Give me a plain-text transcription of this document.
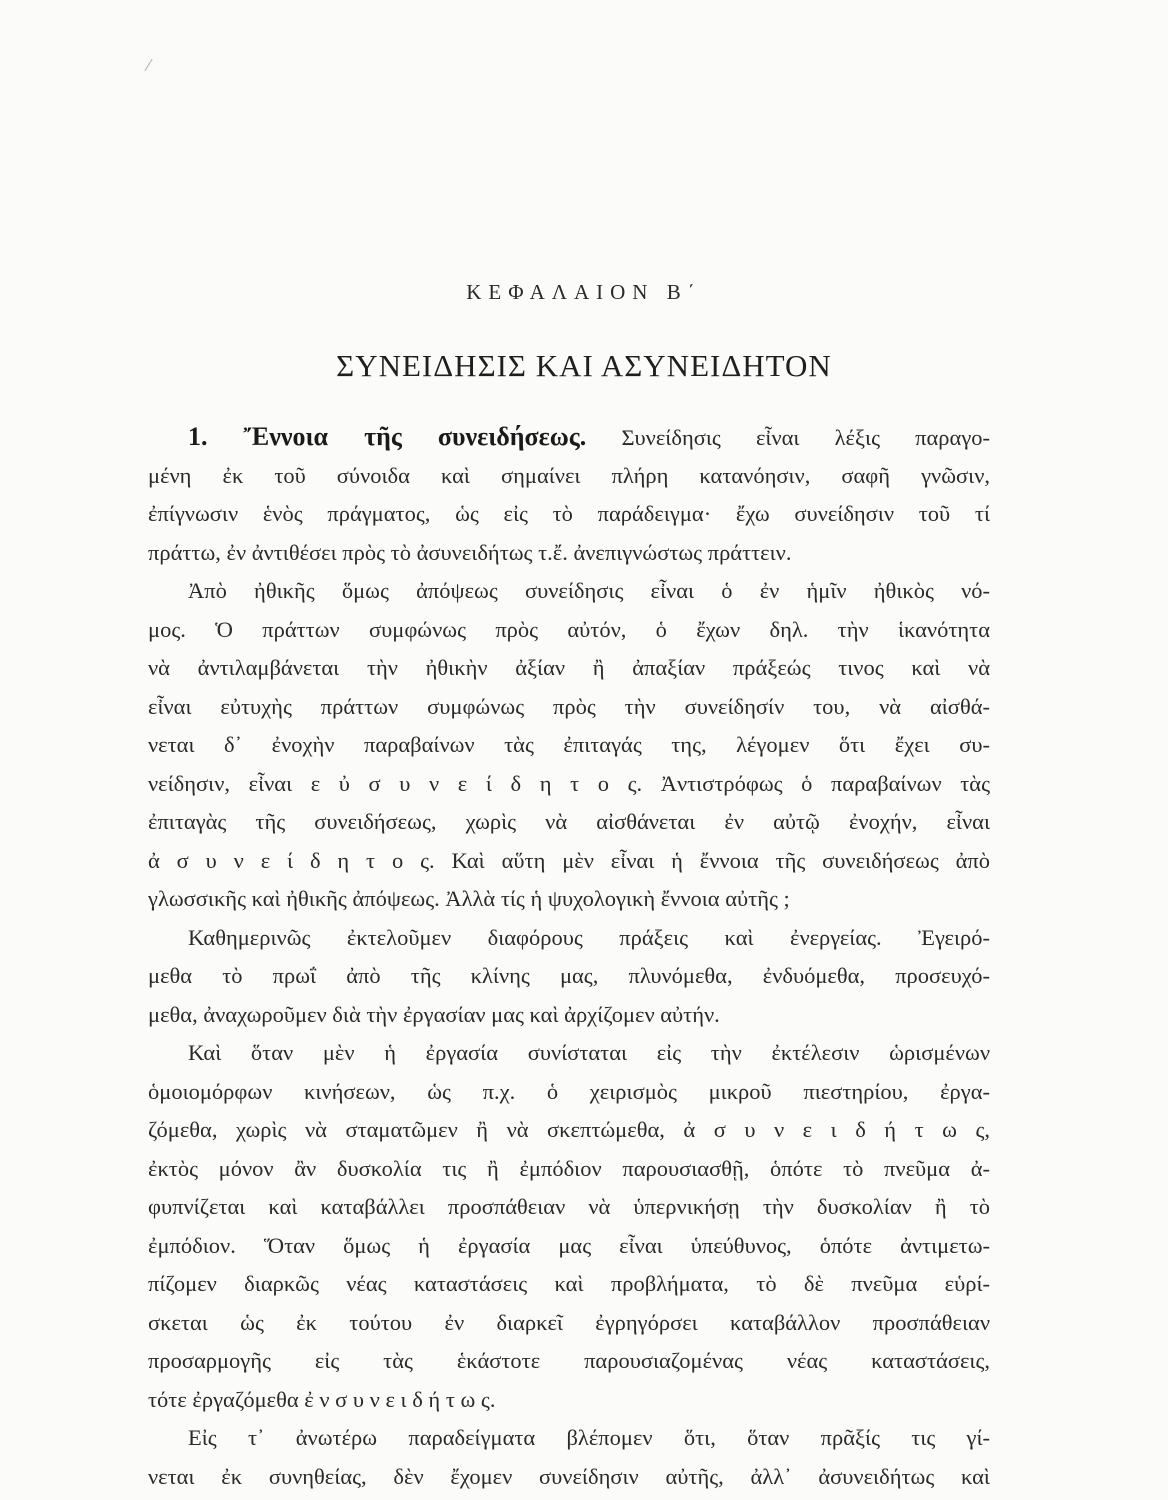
ΚΕΦΑΛΑΙΟΝ Β΄
ΣΥΝΕΙΔΗΣΙΣ ΚΑΙ ΑΣΥΝΕΙΔΗΤΟΝ
1. Ἔννοια τῆς συνειδήσεως. Συνείδησις εἶναι λέξις παραγο-
μένη ἐκ τοῦ σύνοιδα καὶ σημαίνει πλήρη κατανόησιν, σαφῆ γνῶσιν,
ἐπίγνωσιν ἑνὸς πράγματος, ὡς εἰς τὸ παράδειγμα· ἔχω συνείδησιν τοῦ τί
πράττω, ἐν ἀντιθέσει πρὸς τὸ ἀσυνειδήτως τ.ἔ. ἀνεπιγνώστως πράττειν.
Ἀπὸ ἠθικῆς ὅμως ἀπόψεως συνείδησις εἶναι ὁ ἐν ἡμῖν ἠθικὸς νό-
μος. Ὁ πράττων συμφώνως πρὸς αὐτόν, ὁ ἔχων δηλ. τὴν ἱκανότητα
νὰ ἀντιλαμβάνεται τὴν ἠθικὴν ἀξίαν ἢ ἀπαξίαν πράξεώς τινος καὶ νὰ
εἶναι εὐτυχὴς πράττων συμφώνως πρὸς τὴν συνείδησίν του, νὰ αἰσθά-
νεται δ᾽ ἐνοχὴν παραβαίνων τὰς ἐπιταγάς της, λέγομεν ὅτι ἔχει συ-
νείδησιν, εἶναι ε ὐ σ υ ν ε ί δ η τ ο ς. Ἀντιστρόφως ὁ παραβαίνων τὰς
ἐπιταγὰς τῆς συνειδήσεως, χωρὶς νὰ αἰσθάνεται ἐν αὐτῷ ἐνοχήν, εἶναι
ἀ σ υ ν ε ί δ η τ ο ς. Καὶ αὕτη μὲν εἶναι ἡ ἔννοια τῆς συνειδήσεως ἀπὸ
γλωσσικῆς καὶ ἠθικῆς ἀπόψεως. Ἀλλὰ τίς ἡ ψυχολογικὴ ἔννοια αὐτῆς ;
Καθημερινῶς ἐκτελοῦμεν διαφόρους πράξεις καὶ ἐνεργείας. Ἐγειρό-
μεθα τὸ πρωΐ ἀπὸ τῆς κλίνης μας, πλυνόμεθα, ἐνδυόμεθα, προσευχό-
μεθα, ἀναχωροῦμεν διὰ τὴν ἐργασίαν μας καὶ ἀρχίζομεν αὐτήν.
Καὶ ὅταν μὲν ἡ ἐργασία συνίσταται εἰς τὴν ἐκτέλεσιν ὡρισμένων
ὁμοιομόρφων κινήσεων, ὡς π.χ. ὁ χειρισμὸς μικροῦ πιεστηρίου, ἐργα-
ζόμεθα, χωρὶς νὰ σταματῶμεν ἢ νὰ σκεπτώμεθα, ἀ σ υ ν ε ι δ ή τ ω ς,
ἐκτὸς μόνον ἂν δυσκολία τις ἢ ἐμπόδιον παρουσιασθῇ, ὁπότε τὸ πνεῦμα ἀ-
φυπνίζεται καὶ καταβάλλει προσπάθειαν νὰ ὑπερνικήσῃ τὴν δυσκολίαν ἢ τὸ
ἐμπόδιον. Ὅταν ὅμως ἡ ἐργασία μας εἶναι ὑπεύθυνος, ὁπότε ἀντιμετω-
πίζομεν διαρκῶς νέας καταστάσεις καὶ προβλήματα, τὸ δὲ πνεῦμα εὑρί-
σκεται ὡς ἐκ τούτου ἐν διαρκεῖ ἐγρηγόρσει καταβάλλον προσπάθειαν
προσαρμογῆς εἰς τὰς ἑκάστοτε παρουσιαζομένας νέας καταστάσεις,
τότε ἐργαζόμεθα ἐ ν σ υ ν ε ι δ ή τ ω ς.
Εἰς τ᾽ ἀνωτέρω παραδείγματα βλέπομεν ὅτι, ὅταν πρᾶξίς τις γί-
νεται ἐκ συνηθείας, δὲν ἔχομεν συνείδησιν αὐτῆς, ἀλλ᾽ ἀσυνειδήτως καὶ
